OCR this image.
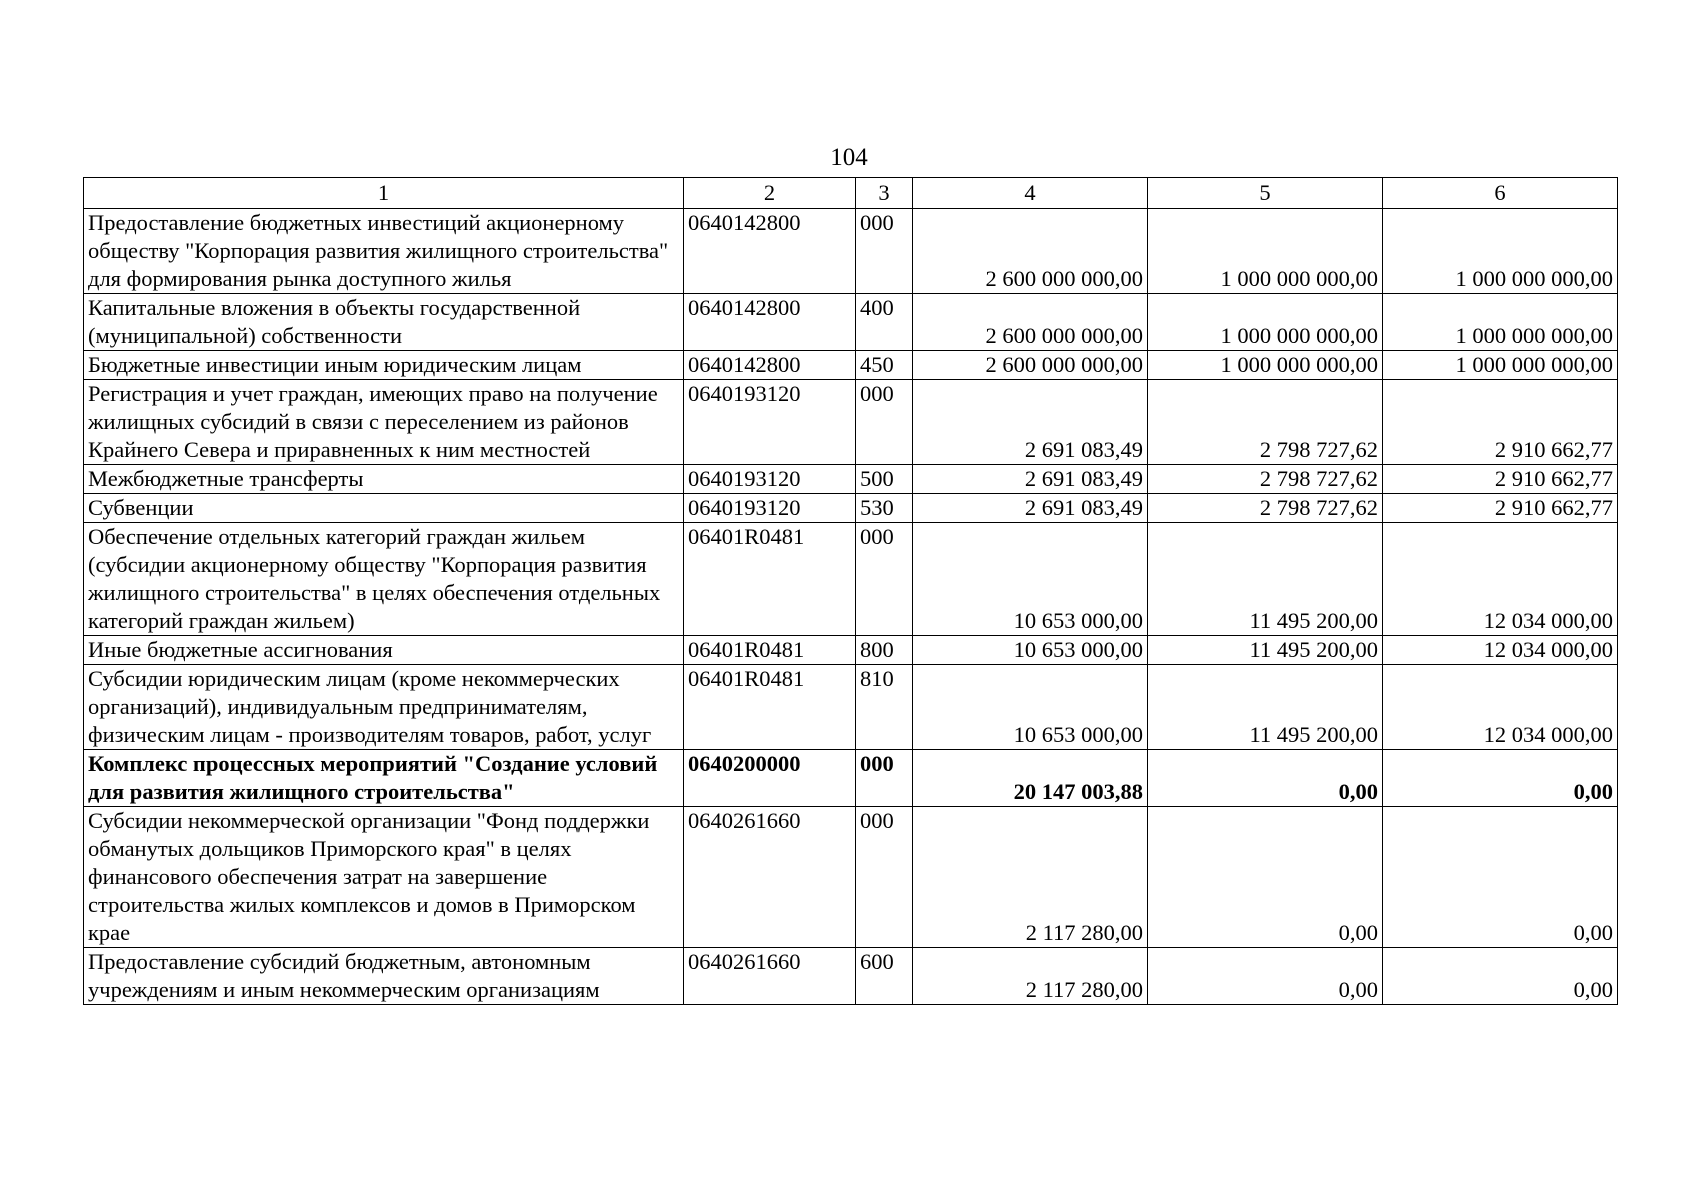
104
1	2	3	4	5	6
Предоставление бюджетных инвестиций акционерному обществу "Корпорация развития жилищного строительства" для формирования рынка доступного жилья	0640142800	000	2 600 000 000,00	1 000 000 000,00	1 000 000 000,00
Капитальные вложения в объекты государственной (муниципальной) собственности	0640142800	400	2 600 000 000,00	1 000 000 000,00	1 000 000 000,00
Бюджетные инвестиции иным юридическим лицам	0640142800	450	2 600 000 000,00	1 000 000 000,00	1 000 000 000,00
Регистрация и учет граждан, имеющих право на получение жилищных субсидий в связи с переселением из районов Крайнего Севера и приравненных к ним местностей	0640193120	000	2 691 083,49	2 798 727,62	2 910 662,77
Межбюджетные трансферты	0640193120	500	2 691 083,49	2 798 727,62	2 910 662,77
Субвенции	0640193120	530	2 691 083,49	2 798 727,62	2 910 662,77
Обеспечение отдельных категорий граждан жильем (субсидии акционерному обществу "Корпорация развития жилищного строительства" в целях обеспечения отдельных категорий граждан жильем)	06401R0481	000	10 653 000,00	11 495 200,00	12 034 000,00
Иные бюджетные ассигнования	06401R0481	800	10 653 000,00	11 495 200,00	12 034 000,00
Субсидии юридическим лицам (кроме некоммерческих организаций), индивидуальным предпринимателям, физическим лицам - производителям товаров, работ, услуг	06401R0481	810	10 653 000,00	11 495 200,00	12 034 000,00
Комплекс процессных мероприятий "Создание условий для развития жилищного строительства"	0640200000	000	20 147 003,88	0,00	0,00
Субсидии некоммерческой организации "Фонд поддержки обманутых дольщиков Приморского края" в целях финансового обеспечения затрат на завершение строительства жилых комплексов и домов в Приморском крае	0640261660	000	2 117 280,00	0,00	0,00
Предоставление субсидий бюджетным, автономным учреждениям и иным некоммерческим организациям	0640261660	600	2 117 280,00	0,00	0,00
